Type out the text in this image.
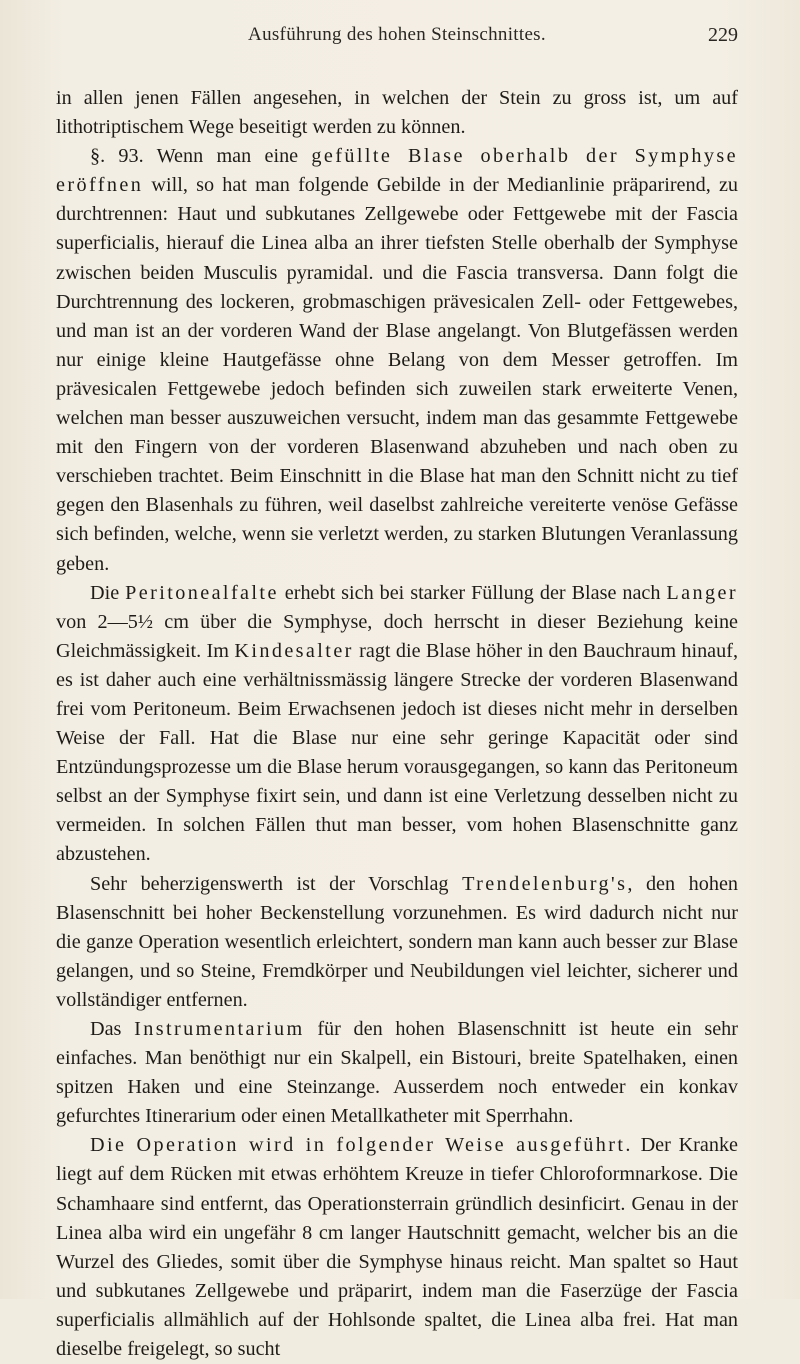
Ausführung des hohen Steinschnittes.	229

in allen jenen Fällen angesehen, in welchen der Stein zu gross ist, um auf lithotriptischem Wege beseitigt werden zu können.

§. 93. Wenn man eine gefüllte Blase oberhalb der Symphyse eröffnen will, so hat man folgende Gebilde in der Medianlinie präparirend, zu durchtrennen: Haut und subkutanes Zellgewebe oder Fettgewebe mit der Fascia superficialis, hierauf die Linea alba an ihrer tiefsten Stelle oberhalb der Symphyse zwischen beiden Musculis pyramidal. und die Fascia transversa. Dann folgt die Durchtrennung des lockeren, grobmaschigen prävesicalen Zell- oder Fettgewebes, und man ist an der vorderen Wand der Blase angelangt. Von Blutgefässen werden nur einige kleine Hautgefässe ohne Belang von dem Messer getroffen. Im prävesicalen Fettgewebe jedoch befinden sich zuweilen stark erweiterte Venen, welchen man besser auszuweichen versucht, indem man das gesammte Fettgewebe mit den Fingern von der vorderen Blasenwand abzuheben und nach oben zu verschieben trachtet. Beim Einschnitt in die Blase hat man den Schnitt nicht zu tief gegen den Blasenhals zu führen, weil daselbst zahlreiche vereiterte venöse Gefässe sich befinden, welche, wenn sie verletzt werden, zu starken Blutungen Veranlassung geben.

Die Peritonealfalte erhebt sich bei starker Füllung der Blase nach Langer von 2—5½ cm über die Symphyse, doch herrscht in dieser Beziehung keine Gleichmässigkeit. Im Kindesalter ragt die Blase höher in den Bauchraum hinauf, es ist daher auch eine verhältnissmässig längere Strecke der vorderen Blasenwand frei vom Peritoneum. Beim Erwachsenen jedoch ist dieses nicht mehr in derselben Weise der Fall. Hat die Blase nur eine sehr geringe Kapacität oder sind Entzündungsprozesse um die Blase herum vorausgegangen, so kann das Peritoneum selbst an der Symphyse fixirt sein, und dann ist eine Verletzung desselben nicht zu vermeiden. In solchen Fällen thut man besser, vom hohen Blasenschnitte ganz abzustehen.

Sehr beherzigenswerth ist der Vorschlag Trendelenburg's, den hohen Blasenschnitt bei hoher Beckenstellung vorzunehmen. Es wird dadurch nicht nur die ganze Operation wesentlich erleichtert, sondern man kann auch besser zur Blase gelangen, und so Steine, Fremdkörper und Neubildungen viel leichter, sicherer und vollständiger entfernen.

Das Instrumentarium für den hohen Blasenschnitt ist heute ein sehr einfaches. Man benöthigt nur ein Skalpell, ein Bistouri, breite Spatelhaken, einen spitzen Haken und eine Steinzange. Ausserdem noch entweder ein konkav gefurchtes Itinerarium oder einen Metallkatheter mit Sperrhahn.

Die Operation wird in folgender Weise ausgeführt. Der Kranke liegt auf dem Rücken mit etwas erhöhtem Kreuze in tiefer Chloroformnarkose. Die Schamhaare sind entfernt, das Operationsterrain gründlich desinficirt. Genau in der Linea alba wird ein ungefähr 8 cm langer Hautschnitt gemacht, welcher bis an die Wurzel des Gliedes, somit über die Symphyse hinaus reicht. Man spaltet so Haut und subkutanes Zellgewebe und präparirt, indem man die Faserzüge der Fascia superficialis allmählich auf der Hohlsonde spaltet, die Linea alba frei. Hat man dieselbe freigelegt, so sucht
